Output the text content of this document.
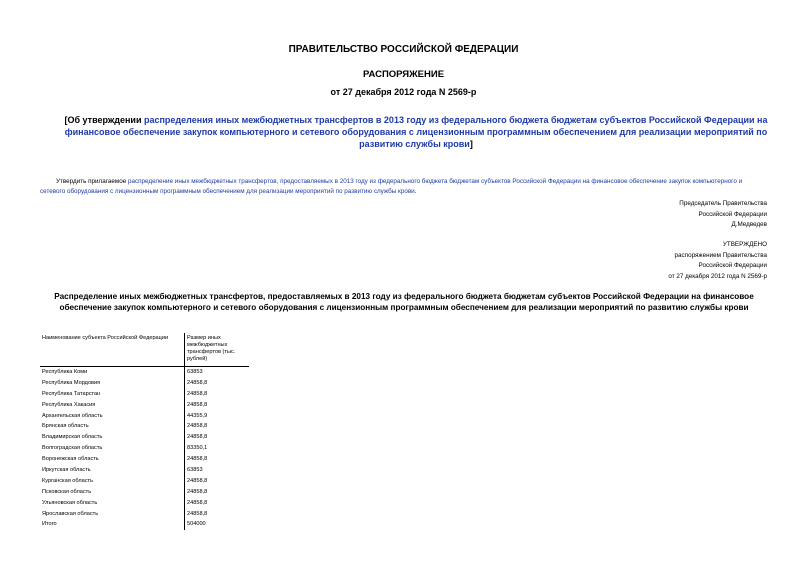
ПРАВИТЕЛЬСТВО РОССИЙСКОЙ ФЕДЕРАЦИИ
РАСПОРЯЖЕНИЕ
от 27 декабря 2012 года N 2569-р
[Об утверждении распределения иных межбюджетных трансфертов в 2013 году из федерального бюджета бюджетам субъектов Российской Федерации на финансовое обеспечение закупок компьютерного и сетевого оборудования с лицензионным программным обеспечением для реализации мероприятий по развитию службы крови]
Утвердить прилагаемое распределение иных межбюджетных трансфертов, предоставляемых в 2013 году из федерального бюджета бюджетам субъектов Российской Федерации на финансовое обеспечение закупок компьютерного и сетевого оборудования с лицензионным программным обеспечением для реализации мероприятий по развитию службы крови.
Председатель Правительства
Российской Федерации
Д.Медведев
УТВЕРЖДЕНО
распоряжением Правительства
Российской Федерации
от 27 декабря 2012 года N 2569-р
Распределение иных межбюджетных трансфертов, предоставляемых в 2013 году из федерального бюджета бюджетам субъектов Российской Федерации на финансовое обеспечение закупок компьютерного и сетевого оборудования с лицензионным программным обеспечением для реализации мероприятий по развитию службы крови
Наименование субъекта Российской Федерации	Размер иных межбюджетных трансфертов (тыс. рублей)
Республика Коми	63853
Республика Мордовия	24858,8
Республика Татарстан	24858,8
Республика Хакасия	24858,8
Архангельская область	44355,9
Брянская область	24858,8
Владимирская область	24858,8
Волгоградская область	83350,1
Воронежская область	24858,8
Иркутская область	63853
Курганская область	24858,8
Псковская область	24858,8
Ульяновская область	24858,8
Ярославская область	24858,8
Итого	504000
